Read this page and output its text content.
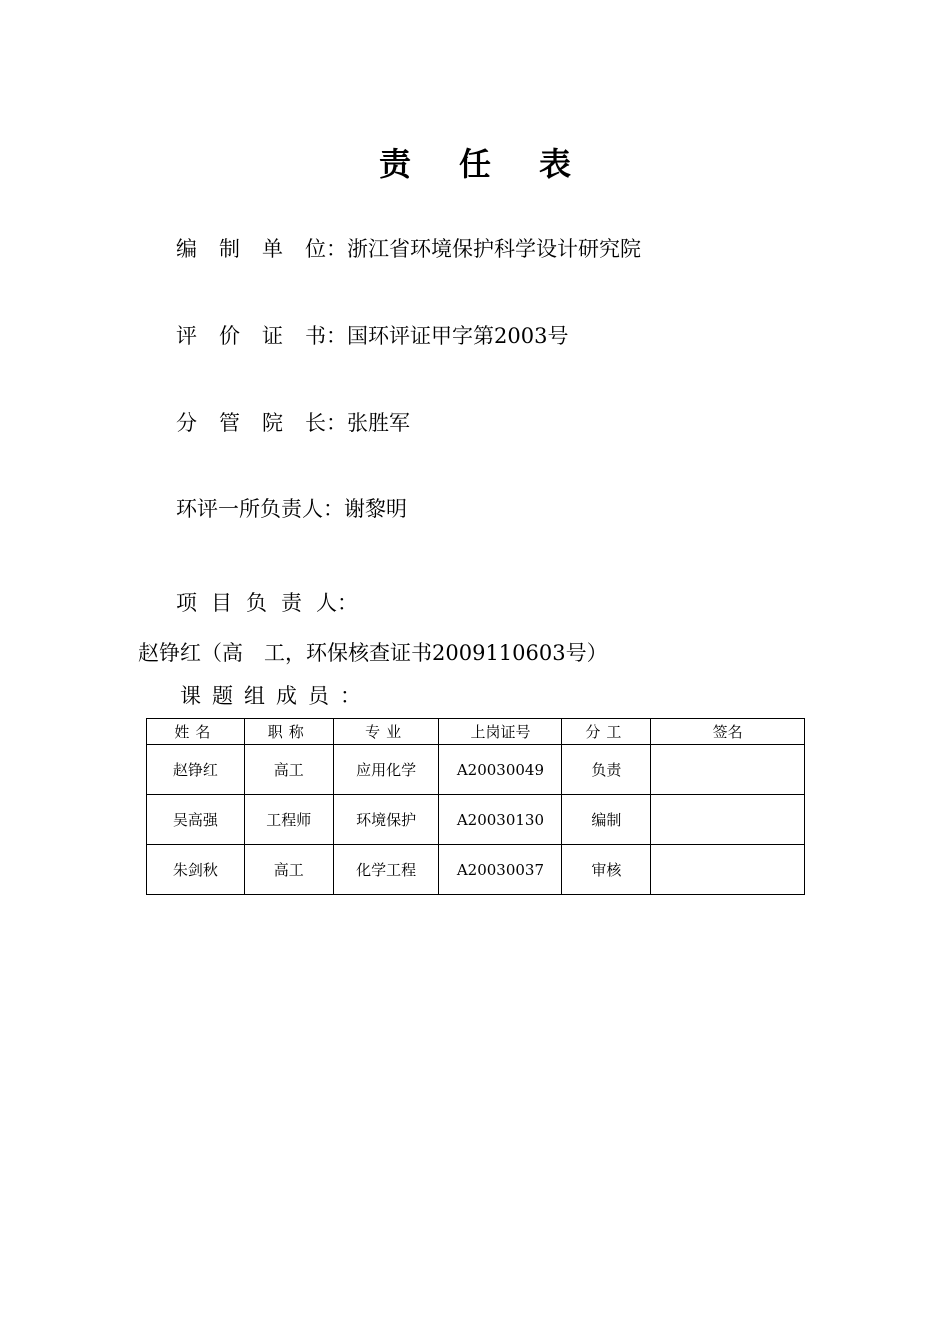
责任表
编制单位：浙江省环境保护科学设计研究院
评价证书：国环评证甲字第2003号
分管院长：张胜军
环评一所负责人：谢黎明
项目负责人：赵铮红（高　工，环保核查证书2009110603号）
课题组成员：
姓名	职称	专业	上岗证号	分工	签名
赵铮红	高工	应用化学	A20030049	负责	
吴高强	工程师	环境保护	A20030130	编制	
朱剑秋	高工	化学工程	A20030037	审核	
